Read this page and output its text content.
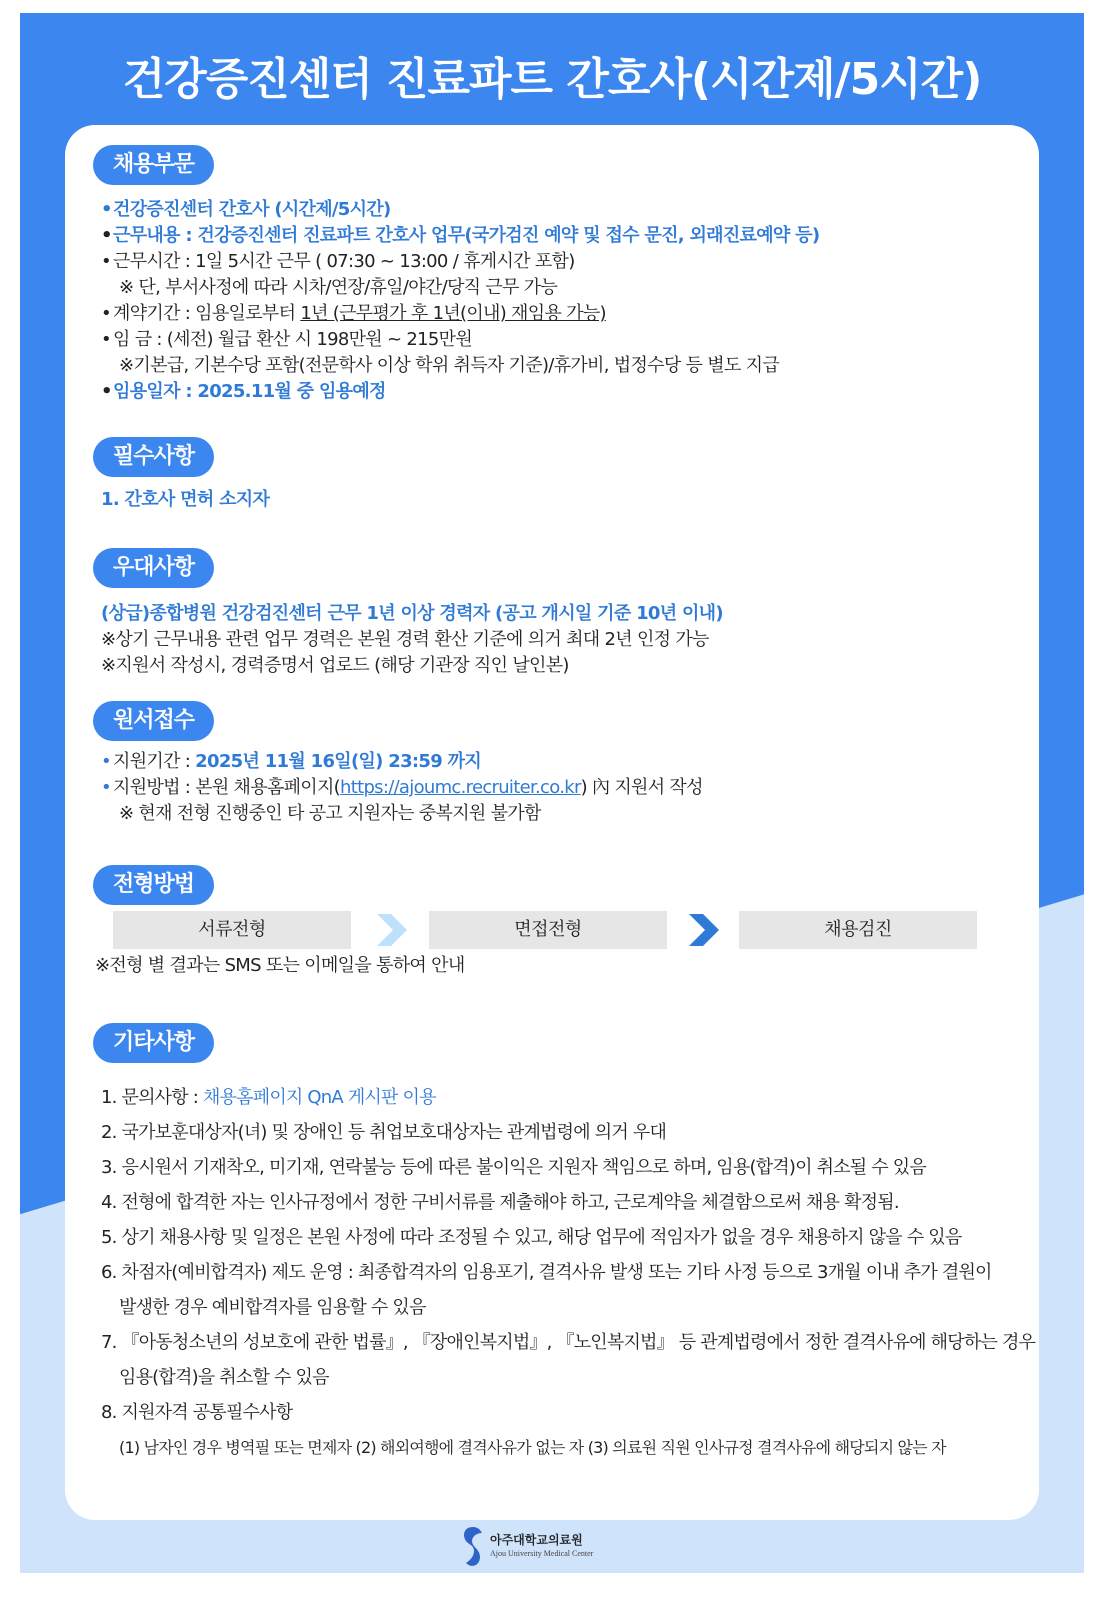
건강증진센터 진료파트 간호사(시간제/5시간)
채용부문
•건강증진센터 간호사 (시간제/5시간)
•근무내용 : 건강증진센터 진료파트 간호사 업무(국가검진 예약 및 접수 문진, 외래진료예약 등)
• 근무시간 : 1일 5시간 근무 ( 07:30 ~ 13:00 / 휴게시간 포함)
※ 단, 부서사정에 따라 시차/연장/휴일/야간/당직 근무 가능
• 계약기간 : 임용일로부터 1년 (근무평가 후 1년(이내) 재임용 가능)
• 임 금 : (세전) 월급 환산 시 198만원 ~ 215만원
※기본급, 기본수당 포함(전문학사 이상 학위 취득자 기준)/휴가비, 법정수당 등 별도 지급
•임용일자 : 2025.11월 중 임용예정
필수사항
1. 간호사 면허 소지자
우대사항
(상급)종합병원 건강검진센터 근무 1년 이상 경력자 (공고 개시일 기준 10년 이내)
※상기 근무내용 관련 업무 경력은 본원 경력 환산 기준에 의거 최대 2년 인정 가능
※지원서 작성시, 경력증명서 업로드 (해당 기관장 직인 날인본)
원서접수
• 지원기간 : 2025년 11월 16일(일) 23:59 까지
• 지원방법 : 본원 채용홈페이지(https://ajoumc.recruiter.co.kr) 內 지원서 작성
※ 현재 전형 진행중인 타 공고 지원자는 중복지원 불가함
전형방법
서류전형	면접전형	채용검진
※전형 별 결과는 SMS 또는 이메일을 통하여 안내
기타사항
1. 문의사항 : 채용홈페이지 QnA 게시판 이용
2. 국가보훈대상자(녀) 및 장애인 등 취업보호대상자는 관계법령에 의거 우대
3. 응시원서 기재착오, 미기재, 연락불능 등에 따른 불이익은 지원자 책임으로 하며, 임용(합격)이 취소될 수 있음
4. 전형에 합격한 자는 인사규정에서 정한 구비서류를 제출해야 하고, 근로계약을 체결함으로써 채용 확정됨.
5. 상기 채용사항 및 일정은 본원 사정에 따라 조정될 수 있고, 해당 업무에 적임자가 없을 경우 채용하지 않을 수 있음
6. 차점자(예비합격자) 제도 운영 : 최종합격자의 임용포기, 결격사유 발생 또는 기타 사정 등으로 3개월 이내 추가 결원이
발생한 경우 예비합격자를 임용할 수 있음
7. 『아동청소년의 성보호에 관한 법률』, 『장애인복지법』, 『노인복지법』 등 관계법령에서 정한 결격사유에 해당하는 경우
임용(합격)을 취소할 수 있음
8. 지원자격 공통필수사항
(1) 남자인 경우 병역필 또는 면제자 (2) 해외여행에 결격사유가 없는 자 (3) 의료원 직원 인사규정 결격사유에 해당되지 않는 자
아주대학교의료원
Ajou University Medical Center
